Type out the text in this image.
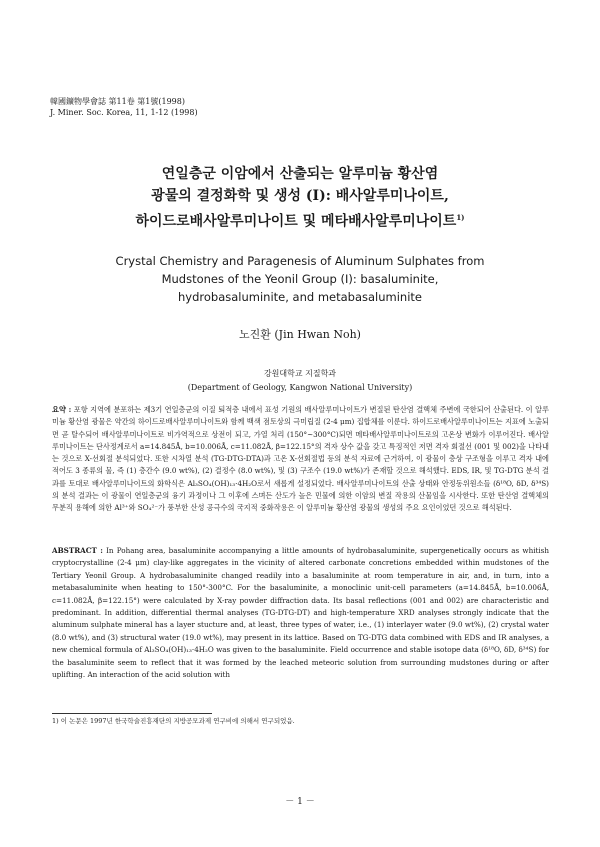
韓國鑛物學會誌 第11卷 第1號(1998)
J. Miner. Soc. Korea, 11, 1-12 (1998)
연일층군 이암에서 산출되는 알루미늄 황산염
광물의 결정화학 및 생성 (I): 배사알루미나이트,
하이드로배사알루미나이트 및 메타배사알루미나이트$^{1)}$
Crystal Chemistry and Paragenesis of Aluminum Sulphates from
Mudstones of the Yeonil Group (I): basaluminite,
hydrobasaluminite, and metabasaluminite
노진환 (Jin Hwan Noh)
강원대학교 지질학과
(Department of Geology, Kangwon National University)
요약 : 포항 지역에 분포하는 제3기 연일층군의 이질 퇴적층 내에서 표성 기원의 배사알루미나이트가 변질된 탄산염 결핵체 주변에 국한되어 산출된다. 이 알루미늄 황산염 광물은 약간의 하이드로배사알루미나이트와 함께 백색 점토상의 극미립질 (2-4 μm) 집합체를 이룬다. 하이드로배사알루미나이트는 지표에 노출되면 곧 탈수되어 배사알루미나이트로 비가역적으로 상전이 되고, 가열 처리 (150°~300°C)되면 메타배사알루미나이트로의 고온상 변화가 이루어진다. 배사알루미나이트는 단사정계로서 a=14.845Å, b=10.006Å, c=11.082Å, β=122.15°의 격자 상수 값을 갖고 특징적인 저면 격자 회절선 (001 및 002)을 나타내는 것으로 X-선회절 분석되었다. 또한 시차열 분석 (TG-DTG-DTA)과 고온 X-선회절법 등의 분석 자료에 근거하여, 이 광물이 층상 구조형을 이루고 격자 내에 적어도 3 종류의 물, 즉 (1) 층간수 (9.0 wt%), (2) 결정수 (8.0 wt%), 및 (3) 구조수 (19.0 wt%)가 존재할 것으로 해석했다. EDS, IR, 및 TG-DTG 분석 결과를 토대로 배사알루미나이트의 화학식은 Al₃SO₄(OH)₁₃·4H₂O로서 새롭게 설정되었다. 배사알루미나이트의 산출 상태와 안정동위원소들 (δ¹⁸O, δD, δ³⁴S)의 분석 결과는 이 광물이 연일층군의 융기 과정이나 그 이후에 스며든 산도가 높은 민물에 의한 이암의 변질 작용의 산물임을 시사한다. 또한 탄산염 결핵체의 무분직 용해에 의한 Al³⁺와 SO₄²⁻가 풍부한 산성 공극수의 국지적 중화작용은 이 알루미늄 황산염 광물의 생성의 주요 요인이었던 것으로 해석된다.
ABSTRACT : In Pohang area, basaluminite accompanying a little amounts of hydrobasaluminite, supergenetically occurs as whitish cryptocrystalline (2-4 μm) clay-like aggregates in the vicinity of altered carbonate concretions embedded within mudstones of the Tertiary Yeonil Group. A hydrobasaluminite changed readily into a basaluminite at room temperature in air, and, in turn, into a metabasaluminite when heating to 150°-300°C. For the basaluminite, a monoclinic unit-cell parameters (a=14.845Å, b=10.006Å, c=11.082Å, β=122.15°) were calculated by X-ray powder diffraction data. Its basal reflections (001 and 002) are characteristic and predominant. In addition, differential thermal analyses (TG-DTG-DT) and high-temperature XRD analyses strongly indicate that the aluminum sulphate mineral has a layer stucture and, at least, three types of water, i.e., (1) interlayer water (9.0 wt%), (2) crystal water (8.0 wt%), and (3) structural water (19.0 wt%), may present in its lattice. Based on TG-DTG data combined with EDS and IR analyses, a new chemical formula of Al₃SO₄(OH)₁₃·4H₂O was given to the basaluminite. Field occurrence and stable isotope data (δ¹⁸O, δD, δ³⁴S) for the basaluminite seem to reflect that it was formed by the leached meteoric solution from surrounding mudstones during or after uplifting. An interaction of the acid solution with
1) 이 논문은 1997년 한국학술진흥재단의 지방공모과제 연구비에 의해서 연구되었음.
－ 1 －
